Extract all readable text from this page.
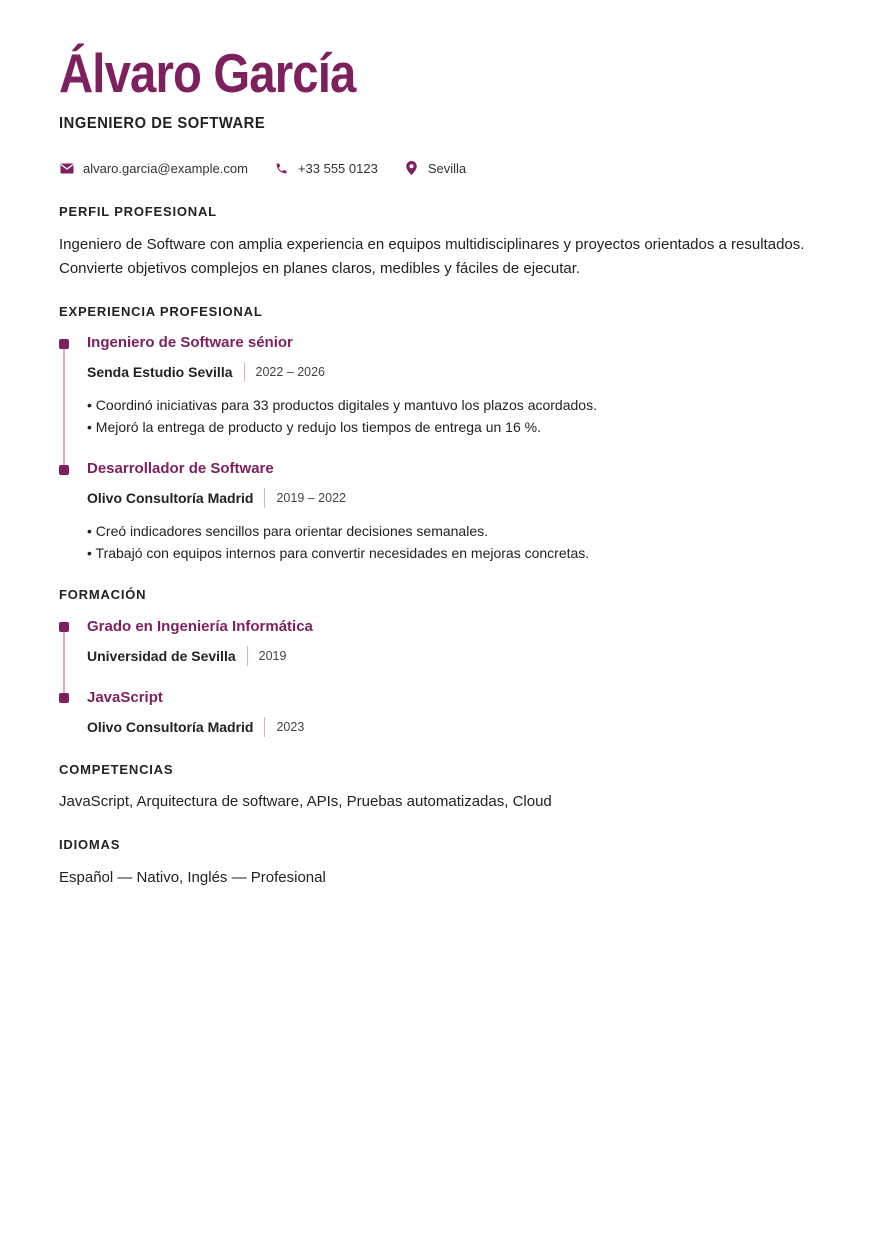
Álvaro García
INGENIERO DE SOFTWARE
alvaro.garcia@example.com	+33 555 0123	Sevilla
PERFIL PROFESIONAL

Ingeniero de Software con amplia experiencia en equipos multidisciplinares y proyectos orientados a resultados. Convierte objetivos complejos en planes claros, medibles y fáciles de ejecutar.

EXPERIENCIA PROFESIONAL

Ingeniero de Software sénior

Senda Estudio Sevilla 2022 – 2026
• Coordinó iniciativas para 33 productos digitales y mantuvo los plazos acordados.
• Mejoró la entrega de producto y redujo los tiempos de entrega un 16 %.

Desarrollador de Software

Olivo Consultoría Madrid 2019 – 2022
• Creó indicadores sencillos para orientar decisiones semanales.
• Trabajó con equipos internos para convertir necesidades en mejoras concretas.
FORMACIÓN

Grado en Ingeniería Informática

Universidad de Sevilla 2019

JavaScript

Olivo Consultoría Madrid 2023
COMPETENCIAS

JavaScript, Arquitectura de software, APIs, Pruebas automatizadas, Cloud

IDIOMAS

Español — Nativo, Inglés — Profesional
